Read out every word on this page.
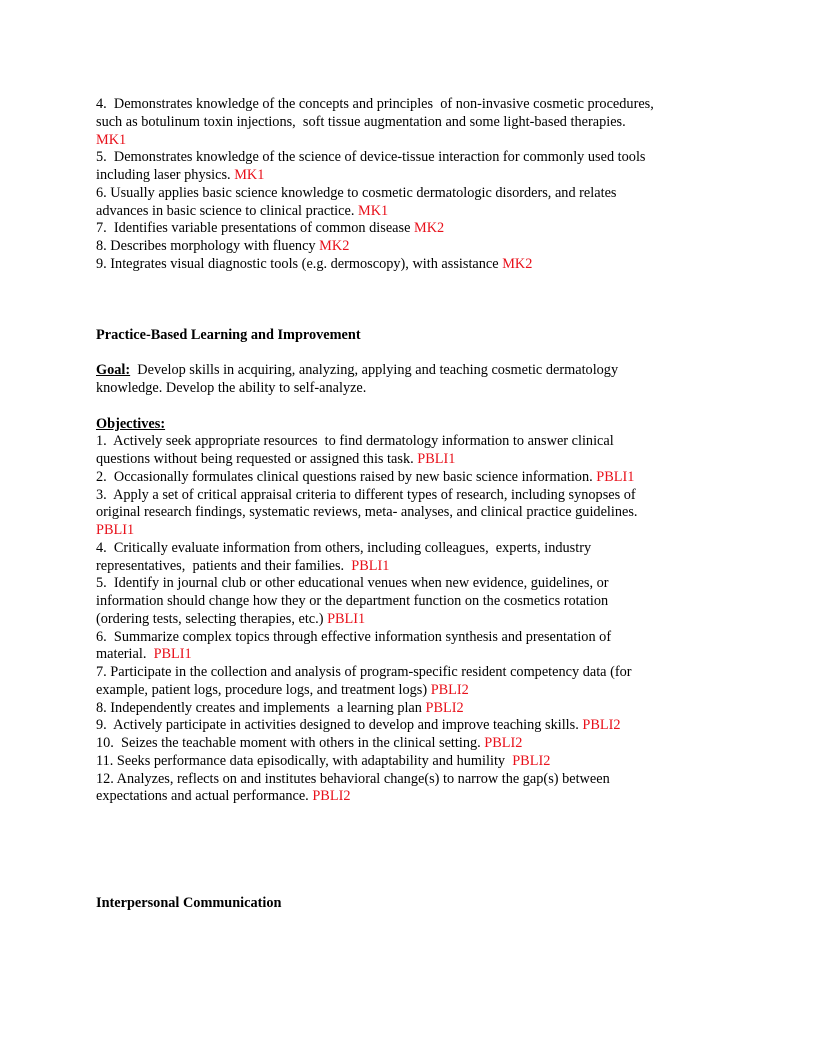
4.  Demonstrates knowledge of the concepts and principles  of non-invasive cosmetic procedures,
such as botulinum toxin injections,  soft tissue augmentation and some light-based therapies.
MK1
5.  Demonstrates knowledge of the science of device-tissue interaction for commonly used tools
including laser physics. MK1
6. Usually applies basic science knowledge to cosmetic dermatologic disorders, and relates
advances in basic science to clinical practice. MK1
7.  Identifies variable presentations of common disease MK2
8. Describes morphology with fluency MK2
9. Integrates visual diagnostic tools (e.g. dermoscopy), with assistance MK2
Practice-Based Learning and Improvement
Goal:  Develop skills in acquiring, analyzing, applying and teaching cosmetic dermatology
knowledge. Develop the ability to self-analyze.
Objectives:
1.  Actively seek appropriate resources  to find dermatology information to answer clinical
questions without being requested or assigned this task. PBLI1
2.  Occasionally formulates clinical questions raised by new basic science information. PBLI1
3.  Apply a set of critical appraisal criteria to different types of research, including synopses of
original research findings, systematic reviews, meta- analyses, and clinical practice guidelines.
PBLI1
4.  Critically evaluate information from others, including colleagues,  experts, industry
representatives,  patients and their families.  PBLI1
5.  Identify in journal club or other educational venues when new evidence, guidelines, or
information should change how they or the department function on the cosmetics rotation
(ordering tests, selecting therapies, etc.) PBLI1
6.  Summarize complex topics through effective information synthesis and presentation of
material.  PBLI1
7. Participate in the collection and analysis of program-specific resident competency data (for
example, patient logs, procedure logs, and treatment logs) PBLI2
8. Independently creates and implements  a learning plan PBLI2
9.  Actively participate in activities designed to develop and improve teaching skills. PBLI2
10.  Seizes the teachable moment with others in the clinical setting. PBLI2
11. Seeks performance data episodically, with adaptability and humility  PBLI2
12. Analyzes, reflects on and institutes behavioral change(s) to narrow the gap(s) between
expectations and actual performance. PBLI2
Interpersonal Communication
